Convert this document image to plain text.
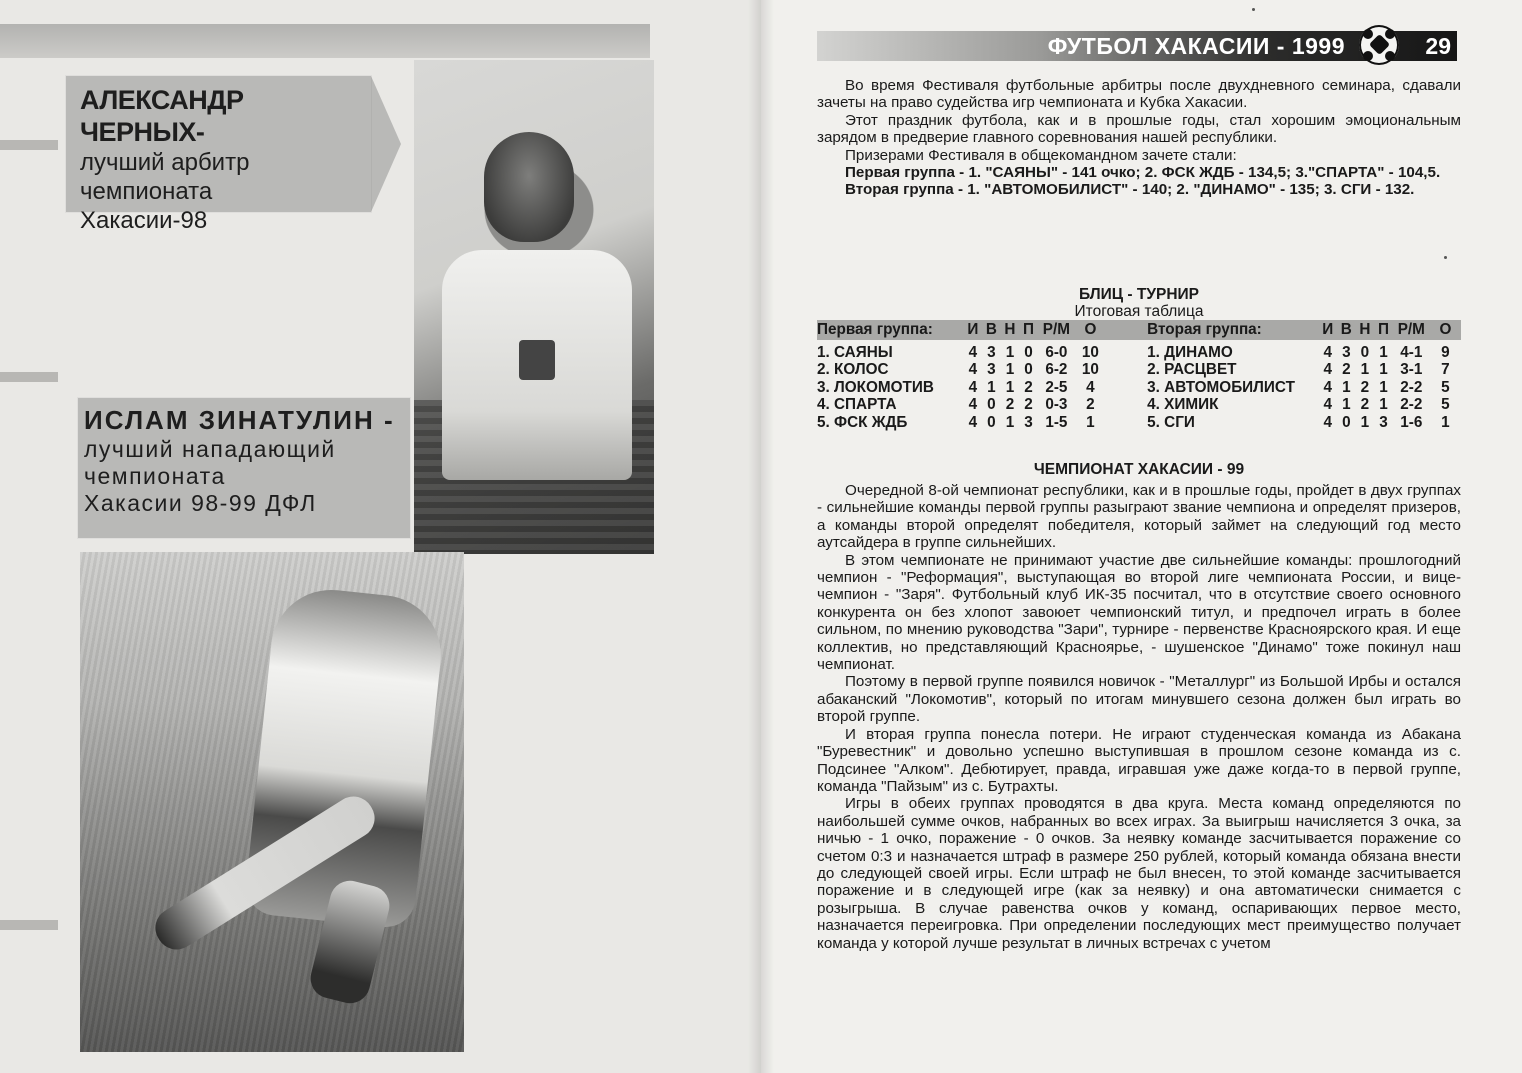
АЛЕКСАНДР ЧЕРНЫХ-
лучший арбитр
чемпионата
Хакасии-98
ИСЛАМ ЗИНАТУЛИН -
лучший нападающий
чемпионата
Хакасии 98-99 ДФЛ
ФУТБОЛ ХАКАСИИ - 1999	29

Во время Фестиваля футбольные арбитры после двухдневного семинара, сдавали зачеты на право судейства игр чемпионата и Кубка Хакасии.

Этот праздник футбола, как и в прошлые годы, стал хорошим эмоциональным зарядом в предверие главного соревнования нашей республики.

Призерами Фестиваля в общекомандном зачете стали:

Первая группа - 1. "САЯНЫ" - 141 очко; 2. ФСК ЖДБ - 134,5; 3."СПАРТА" - 104,5.

Вторая группа - 1. "АВТОМОБИЛИСТ" - 140; 2. "ДИНАМО" - 135; 3. СГИ - 132.

БЛИЦ - ТУРНИР
Итоговая таблица
Первая группа:	И	В	Н	П	Р/М	О		Вторая группа:	И	В	Н	П	Р/М	О
1. САЯНЫ	4	3	1	0	6-0	10		1. ДИНАМО	4	3	0	1	4-1	9
2. КОЛОС	4	3	1	0	6-2	10		2. РАСЦВЕТ	4	2	1	1	3-1	7
3. ЛОКОМОТИВ	4	1	1	2	2-5	4		3. АВТОМОБИЛИСТ	4	1	2	1	2-2	5
4. СПАРТА	4	0	2	2	0-3	2		4. ХИМИК	4	1	2	1	2-2	5
5. ФСК ЖДБ	4	0	1	3	1-5	1		5. СГИ	4	0	1	3	1-6	1
ЧЕМПИОНАТ ХАКАСИИ - 99

Очередной 8-ой чемпионат республики, как и в прошлые годы, пройдет в двух группах - сильнейшие команды первой группы разыграют звание чемпиона и определят призеров, а команды второй определят победителя, который займет на следующий год место аутсайдера в группе сильнейших.

В этом чемпионате не принимают участие две сильнейшие команды: прошлогодний чемпион - "Реформация", выступающая во второй лиге чемпионата России, и вице-чемпион - "Заря". Футбольный клуб ИК-35 посчитал, что в отсутствие своего основного конкурента он без хлопот завоюет чемпионский титул, и предпочел играть в более сильном, по мнению руководства "Зари", турнире - первенстве Красноярского края. И еще коллектив, но представляющий Красноярье, - шушенское "Динамо" тоже покинул наш чемпионат.

Поэтому в первой группе появился новичок - "Металлург" из Большой Ирбы и остался абаканский "Локомотив", который по итогам минувшего сезона должен был играть во второй группе.

И вторая группа понесла потери. Не играют студенческая команда из Абакана "Буревестник" и довольно успешно выступившая в прошлом сезоне команда из с. Подсинее "Алком". Дебютирует, правда, игравшая уже даже когда-то в первой группе, команда "Пайзым" из с. Бутрахты.

Игры в обеих группах проводятся в два круга. Места команд определяются по наибольшей сумме очков, набранных во всех играх. За выигрыш начисляется 3 очка, за ничью - 1 очко, поражение - 0 очков. За неявку команде засчитывается поражение со счетом 0:3 и назначается штраф в размере 250 рублей, который команда обязана внести до следующей своей игры. Если штраф не был внесен, то этой команде засчитывается поражение и в следующей игре (как за неявку) и она автоматически снимается с розыгрыша. В случае равенства очков у команд, оспаривающих первое место, назначается переигровка. При определении последующих мест преимущество получает команда у которой лучше результат в личных встречах с учетом
